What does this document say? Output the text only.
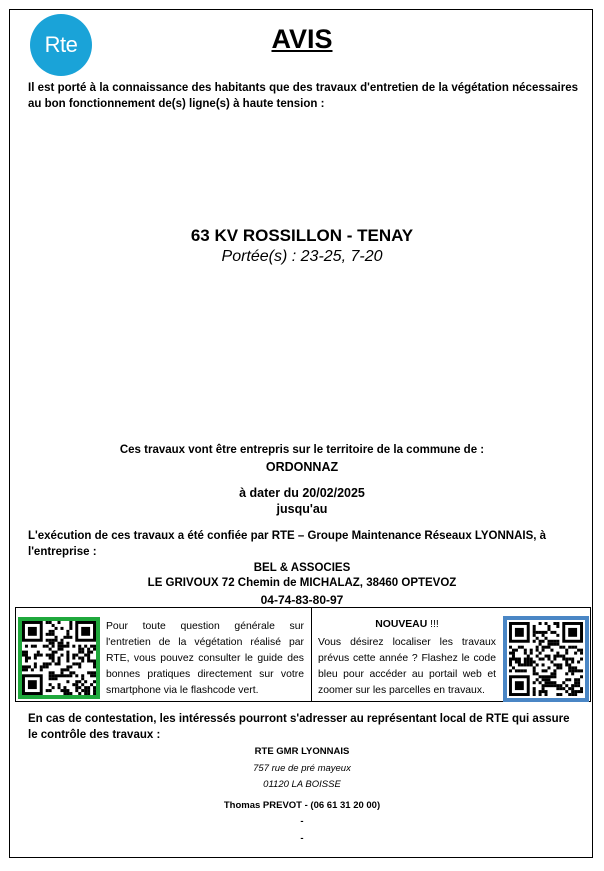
Rte	AVIS
Il est porté à la connaissance des habitants que des travaux d'entretien de la végétation nécessaires au bon fonctionnement de(s) ligne(s) à haute tension :
63 KV ROSSILLON - TENAY
Portée(s) : 23-25, 7-20
Ces travaux vont être entrepris sur le territoire de la commune de :
ORDONNAZ
à dater du 20/02/2025
jusqu'au
L'exécution de ces travaux a été confiée par RTE – Groupe Maintenance Réseaux LYONNAIS, à l'entreprise :
BEL & ASSOCIES
LE GRIVOUX 72 Chemin de MICHALAZ, 38460 OPTEVOZ
04-74-83-80-97
Pour toute question générale sur l'entretien de la végétation réalisé par RTE, vous pouvez consulter le guide des bonnes pratiques directement sur votre smartphone via le flashcode vert.
NOUVEAU !!!
Vous désirez localiser les travaux prévus cette année ? Flashez le code bleu pour accéder au portail web et zoomer sur les parcelles en travaux.
En cas de contestation, les intéressés pourront s'adresser au représentant local de RTE qui assure le contrôle des travaux :
RTE GMR LYONNAIS
757 rue de pré mayeux
01120 LA BOISSE
Thomas PREVOT - (06 61 31 20 00)
-
-
